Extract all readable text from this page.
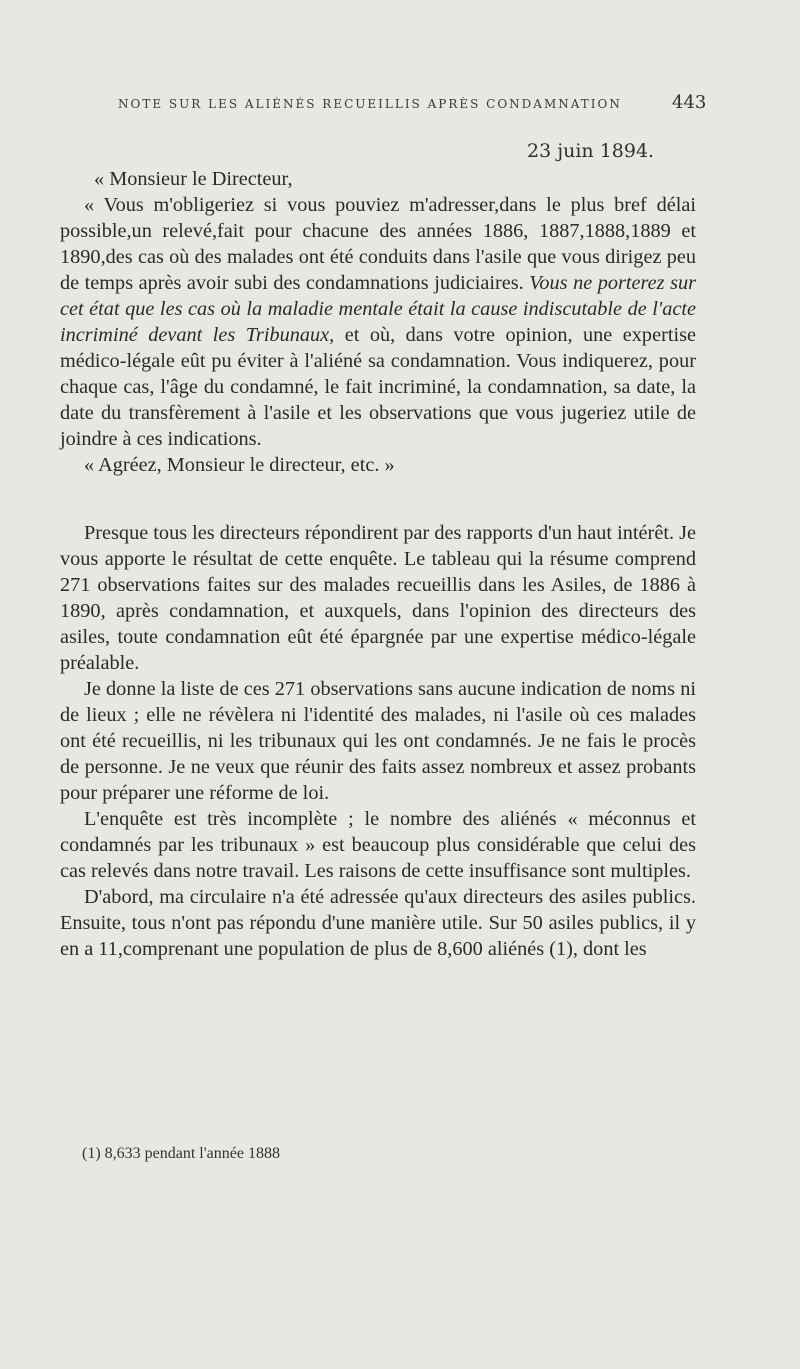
NOTE SUR LES ALIÉNÉS RECUEILLIS APRÈS CONDAMNATION	443
23 juin 1894.

« Monsieur le Directeur,

« Vous m'obligeriez si vous pouviez m'adresser,dans le plus bref délai possible,un relevé,fait pour chacune des années 1886, 1887,1888,1889 et 1890,des cas où des malades ont été conduits dans l'asile que vous dirigez peu de temps après avoir subi des condamnations judiciaires. Vous ne porterez sur cet état que les cas où la maladie mentale était la cause indiscutable de l'acte incriminé devant les Tribunaux, et où, dans votre opinion, une expertise médico-légale eût pu éviter à l'aliéné sa condamnation. Vous indiquerez, pour chaque cas, l'âge du condamné, le fait incriminé, la condamnation, sa date, la date du transfèrement à l'asile et les observations que vous jugeriez utile de joindre à ces indications.

« Agréez, Monsieur le directeur, etc. »

Presque tous les directeurs répondirent par des rapports d'un haut intérêt. Je vous apporte le résultat de cette enquête. Le tableau qui la résume comprend 271 observations faites sur des malades recueillis dans les Asiles, de 1886 à 1890, après condamnation, et auxquels, dans l'opinion des directeurs des asiles, toute condamnation eût été épargnée par une expertise médico-légale préalable.

Je donne la liste de ces 271 observations sans aucune indication de noms ni de lieux ; elle ne révèlera ni l'identité des malades, ni l'asile où ces malades ont été recueillis, ni les tribunaux qui les ont condamnés. Je ne fais le procès de personne. Je ne veux que réunir des faits assez nombreux et assez probants pour préparer une réforme de loi.

L'enquête est très incomplète ; le nombre des aliénés « méconnus et condamnés par les tribunaux » est beaucoup plus considérable que celui des cas relevés dans notre travail. Les raisons de cette insuffisance sont multiples.

D'abord, ma circulaire n'a été adressée qu'aux directeurs des asiles publics. Ensuite, tous n'ont pas répondu d'une manière utile. Sur 50 asiles publics, il y en a 11,comprenant une population de plus de 8,600 aliénés (1), dont les

(1) 8,633 pendant l'année 1888
